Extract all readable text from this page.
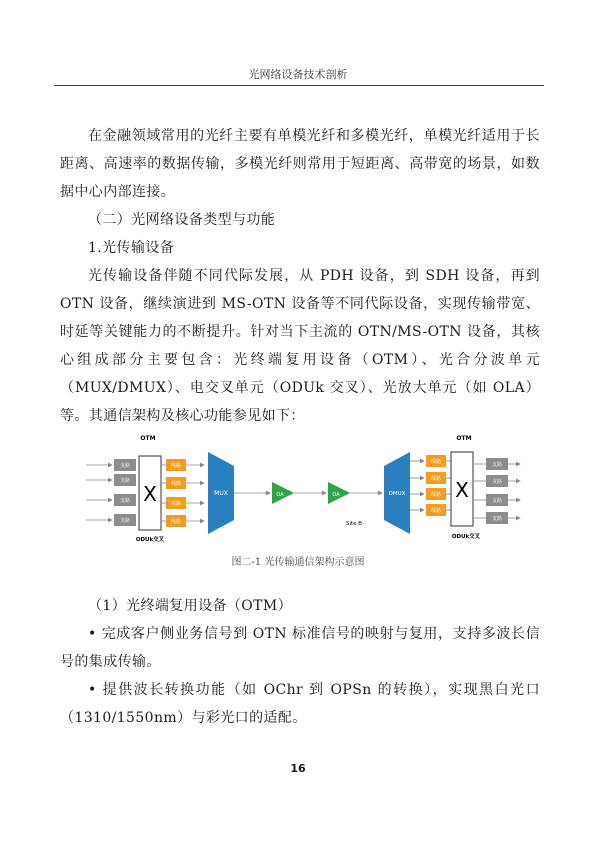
光网络设备技术剖析

在金融领域常用的光纤主要有单模光纤和多模光纤，单模光纤适用于长距离、高速率的数据传输，多模光纤则常用于短距离、高带宽的场景，如数据中心内部连接。

（二）光网络设备类型与功能

1.光传输设备

光传输设备伴随不同代际发展，从 PDH 设备，到 SDH 设备，再到 OTN 设备，继续演进到 MS-OTN 设备等不同代际设备，实现传输带宽、时延等关键能力的不断提升。针对当下主流的 OTN/MS-OTN 设备，其核心组成部分主要包含：光终端复用设备（OTM）、光合分波单元（MUX/DMUX）、电交叉单元（ODUk 交叉）、光放大单元（如 OLA）等。其通信架构及核心功能参见如下：

OTM
支路
支路
支路
支路
X
ODUk交叉
线路
线路
线路
线路
MUX	OA	OA
Site B
DMUX
OTM
线路
线路
线路
线路
X
ODUk交叉
支路
支路
支路
支路
图二-1 光传输通信架构示意图

（1）光终端复用设备（OTM）

• 完成客户侧业务信号到 OTN 标准信号的映射与复用，支持多波长信号的集成传输。

• 提供波长转换功能（如 OChr 到 OPSn 的转换），实现黑白光口（1310/1550nm）与彩光口的适配。

16
